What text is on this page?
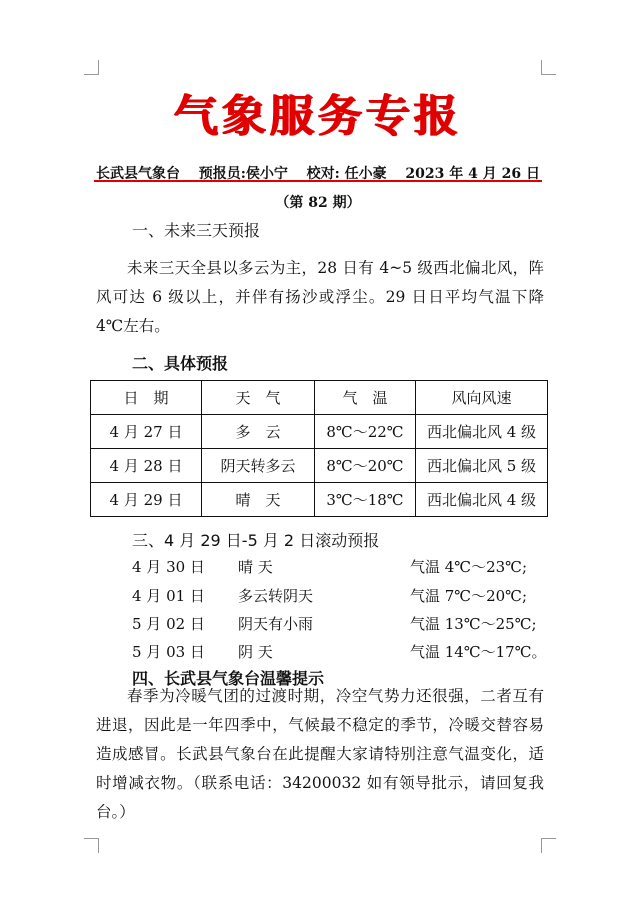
气象服务专报
长武县气象台 预报员:侯小宁 校对: 任小豪 2023 年 4 月 26 日
（第 82 期）
一、未来三天预报
未来三天全县以多云为主，28 日有 4~5 级西北偏北风，阵风可达 6 级以上，并伴有扬沙或浮尘。29 日日平均气温下降 4℃左右。
二、具体预报
日　期	天　气	气　温	风向风速
4 月 27 日	多　云	8℃～22℃	西北偏北风 4 级
4 月 28 日	阴天转多云	8℃～20℃	西北偏北风 5 级
4 月 29 日	晴　天	3℃～18℃	西北偏北风 4 级
三、4 月 29 日-5 月 2 日滚动预报
4 月 30 日	晴 天	气温 4℃～23℃;
4 月 01 日	多云转阴天	气温 7℃～20℃;
5 月 02 日	阴天有小雨	气温 13℃～25℃;
5 月 03 日	阴 天	气温 14℃～17℃。
四、长武县气象台温馨提示
春季为冷暖气团的过渡时期，冷空气势力还很强，二者互有进退，因此是一年四季中，气候最不稳定的季节，冷暖交替容易造成感冒。长武县气象台在此提醒大家请特别注意气温变化，适时增减衣物。（联系电话：34200032 如有领导批示，请回复我台。）
